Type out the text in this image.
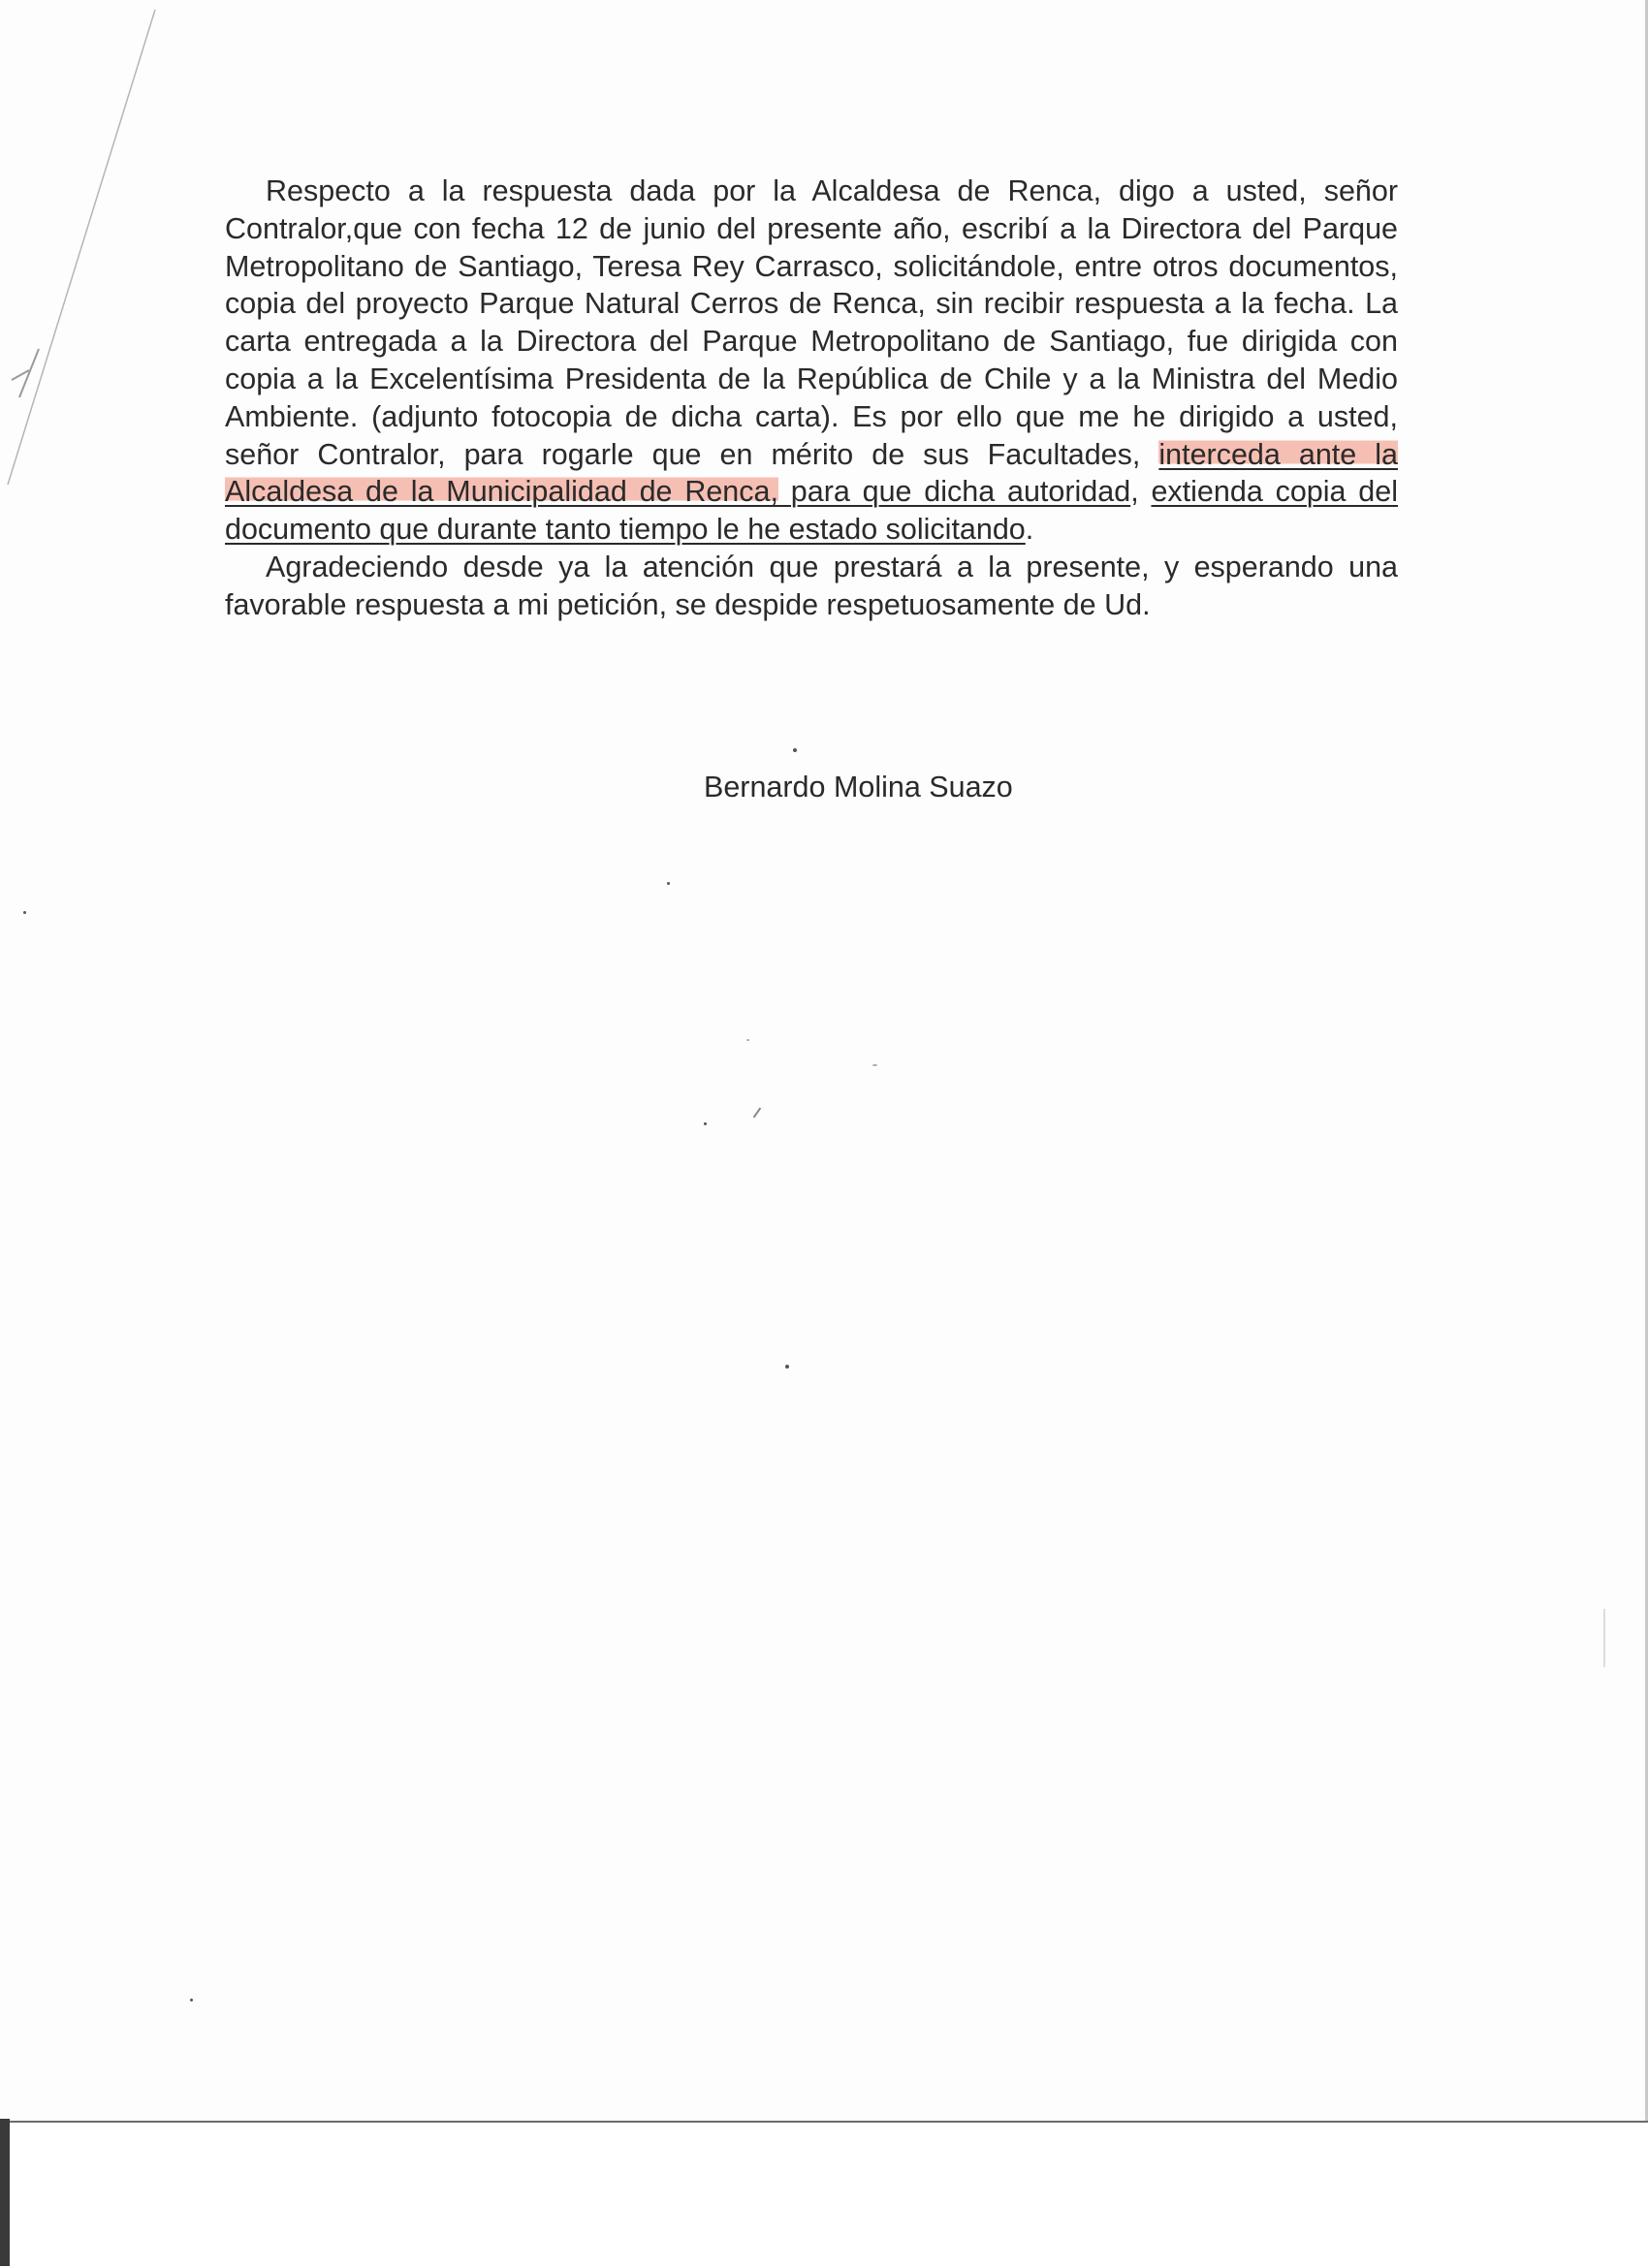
Respecto a la respuesta dada por la Alcaldesa de Renca, digo a usted, señor Contralor,que con fecha 12 de junio del presente año, escribí a la Directora del Parque Metropolitano de Santiago, Teresa Rey Carrasco, solicitándole, entre otros documentos, copia del proyecto Parque Natural Cerros de Renca, sin recibir respuesta a la fecha. La carta entregada a la Directora del Parque Metropolitano de Santiago, fue dirigida con copia a la Excelentísima Presidenta de la República de Chile y a la Ministra del Medio Ambiente. (adjunto fotocopia de dicha carta). Es por ello que me he dirigido a usted, señor Contralor, para rogarle que en mérito de sus Facultades, interceda ante la Alcaldesa de la Municipalidad de Renca, para que dicha autoridad, extienda copia del documento que durante tanto tiempo le he estado solicitando.

Agradeciendo desde ya la atención que prestará a la presente, y esperando una favorable respuesta a mi petición, se despide respetuosamente de Ud.

Bernardo Molina Suazo
